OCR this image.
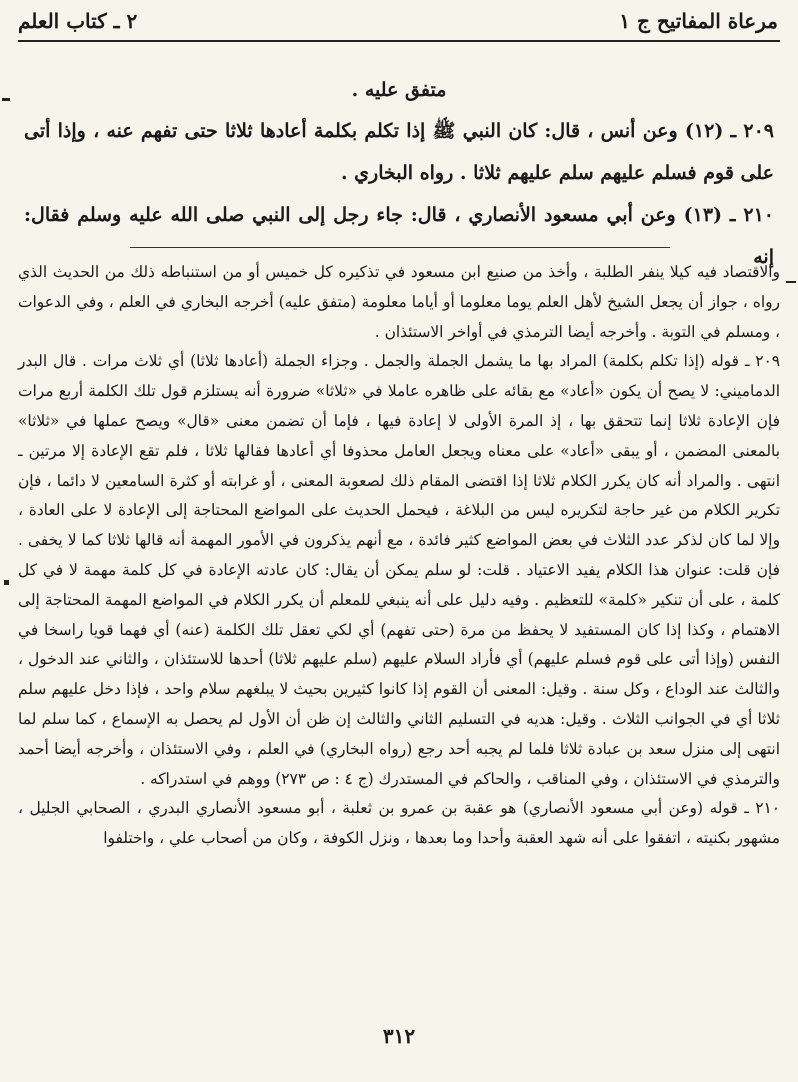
مرعاة المفاتيح ج ١
٢ ـ كتاب العلم

متفق عليه .

٢٠٩ ـ (١٢) وعن أنس ، قال: كان النبي ﷺ إذا تكلم بكلمة أعادها ثلاثا حتى تفهم عنه ، وإذا أتى على قوم فسلم عليهم سلم عليهم ثلاثا . رواه البخاري .

٢١٠ ـ (١٣) وعن أبي مسعود الأنصاري ، قال: جاء رجل إلى النبي صلى الله عليه وسلم فقال: إنه

والاقتصاد فيه كيلا ينفر الطلبة ، وأخذ من صنيع ابن مسعود في تذكيره كل خميس أو من استنباطه ذلك من الحديث الذي رواه ، جواز أن يجعل الشيخ لأهل العلم يوما معلوما أو أياما معلومة (متفق عليه) أخرجه البخاري في العلم ، وفي الدعوات ، ومسلم في التوبة . وأخرجه أيضا الترمذي في أواخر الاستئذان .

٢٠٩ ـ قوله (إذا تكلم بكلمة) المراد بها ما يشمل الجملة والجمل . وجزاء الجملة (أعادها ثلاثا) أي ثلاث مرات . قال البدر الدماميني: لا يصح أن يكون «أعاد» مع بقائه على ظاهره عاملا في «ثلاثا» ضرورة أنه يستلزم قول تلك الكلمة أربع مرات فإن الإعادة ثلاثا إنما تتحقق بها ، إذ المرة الأولى لا إعادة فيها ، فإما أن تضمن معنى «قال» ويصح عملها في «ثلاثا» بالمعنى المضمن ، أو يبقى «أعاد» على معناه ويجعل العامل محذوفا أي أعادها فقالها ثلاثا ، فلم تقع الإعادة إلا مرتين ـ انتهى . والمراد أنه كان يكرر الكلام ثلاثا إذا اقتضى المقام ذلك لصعوبة المعنى ، أو غرابته أو كثرة السامعين لا دائما ، فإن تكرير الكلام من غير حاجة لتكريره ليس من البلاغة ، فيحمل الحديث على المواضع المحتاجة إلى الإعادة لا على العادة ، وإلا لما كان لذكر عدد الثلاث في بعض المواضع كثير فائدة ، مع أنهم يذكرون في الأمور المهمة أنه قالها ثلاثا كما لا يخفى . فإن قلت: عنوان هذا الكلام يفيد الاعتياد . قلت: لو سلم يمكن أن يقال: كان عادته الإعادة في كل كلمة مهمة لا في كل كلمة ، على أن تنكير «كلمة» للتعظيم . وفيه دليل على أنه ينبغي للمعلم أن يكرر الكلام في المواضع المهمة المحتاجة إلى الاهتمام ، وكذا إذا كان المستفيد لا يحفظ من مرة (حتى تفهم) أي لكي تعقل تلك الكلمة (عنه) أي فهما قويا راسخا في النفس (وإذا أتى على قوم فسلم عليهم) أي فأراد السلام عليهم (سلم عليهم ثلاثا) أحدها للاستئذان ، والثاني عند الدخول ، والثالث عند الوداع ، وكل سنة . وقيل: المعنى أن القوم إذا كانوا كثيرين بحيث لا يبلغهم سلام واحد ، فإذا دخل عليهم سلم ثلاثا أي في الجوانب الثلاث . وقيل: هديه في التسليم الثاني والثالث إن ظن أن الأول لم يحصل به الإسماع ، كما سلم لما انتهى إلى منزل سعد بن عبادة ثلاثا فلما لم يجبه أحد رجع (رواه البخاري) في العلم ، وفي الاستئذان ، وأخرجه أيضا أحمد والترمذي في الاستئذان ، وفي المناقب ، والحاكم في المستدرك (ج ٤ : ص ٢٧٣) ووهم في استدراكه .

٢١٠ ـ قوله (وعن أبي مسعود الأنصاري) هو عقبة بن عمرو بن ثعلبة ، أبو مسعود الأنصاري البدري ، الصحابي الجليل ، مشهور بكنيته ، اتفقوا على أنه شهد العقبة وأحدا وما بعدها ، ونزل الكوفة ، وكان من أصحاب علي ، واختلفوا

٣١٢
